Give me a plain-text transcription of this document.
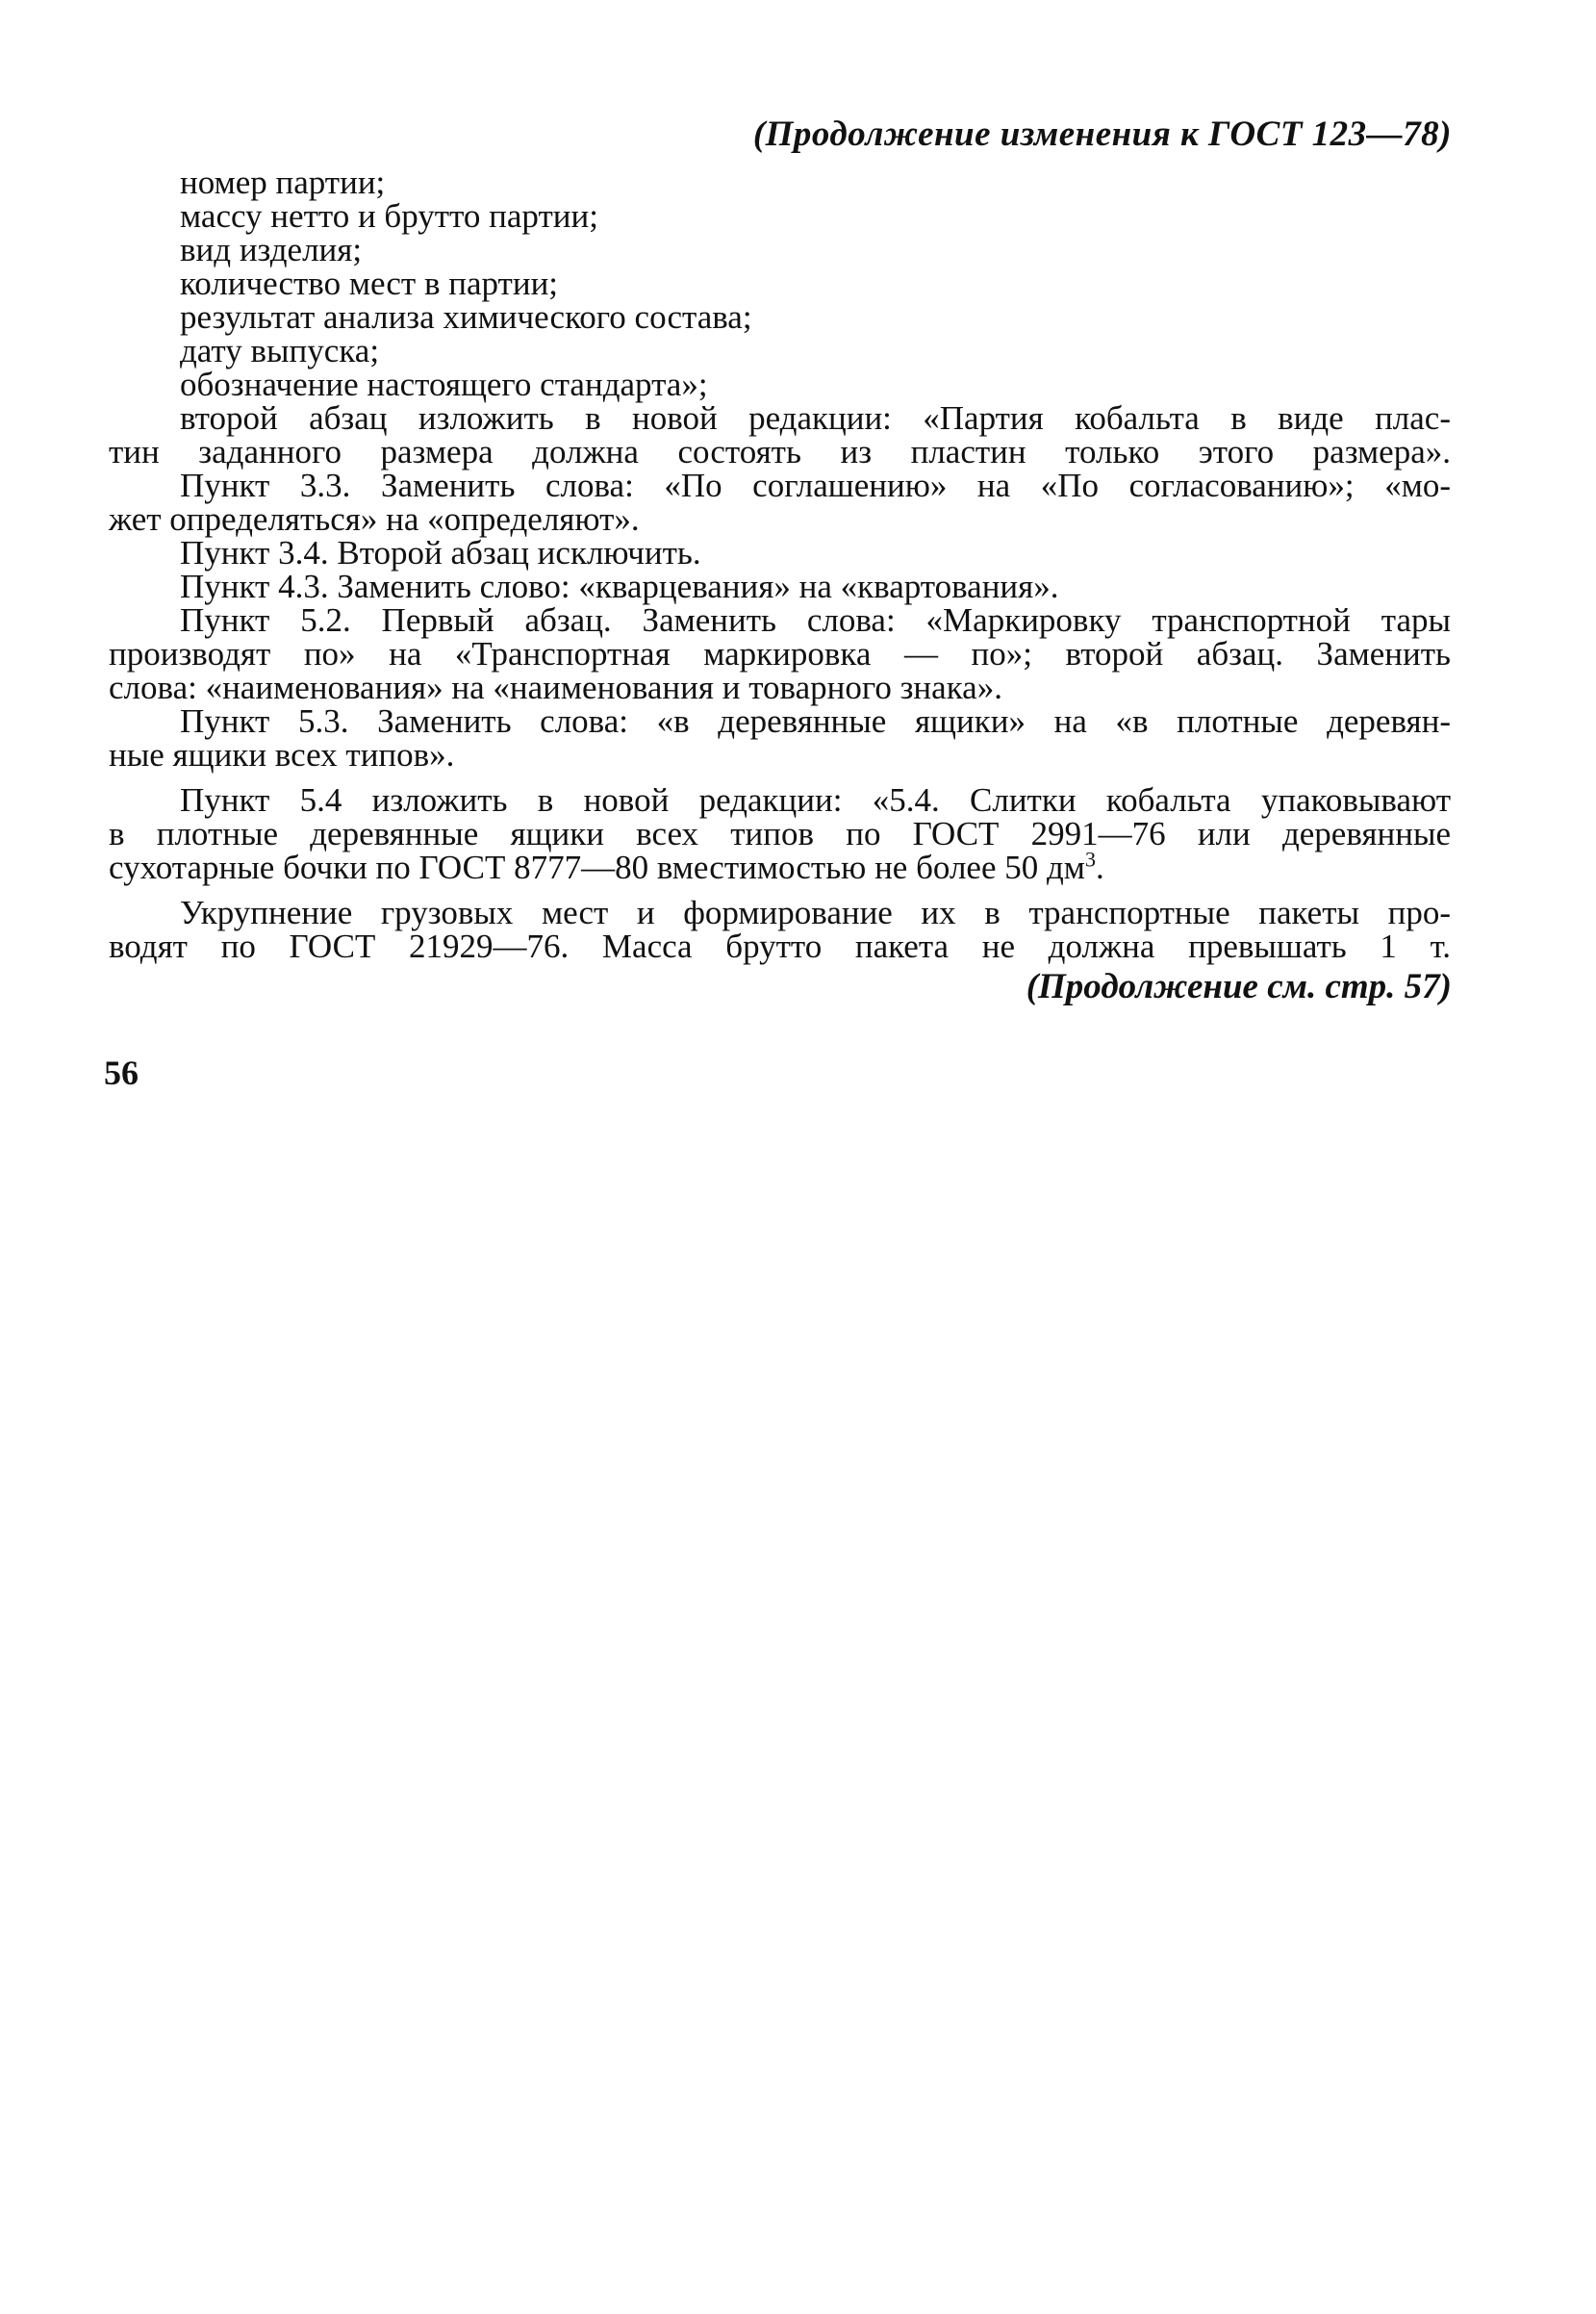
(Продолжение изменения к ГОСТ 123—78)
номер партии;
массу нетто и брутто партии;
вид изделия;
количество мест в партии;
результат анализа химического состава;
дату выпуска;
обозначение настоящего стандарта»;
второй абзац изложить в новой редакции: «Партия кобальта в виде плас-
тин заданного размера должна состоять из пластин только этого размера».
Пункт 3.3. Заменить слова: «По соглашению» на «По согласованию»; «мо-
жет определяться» на «определяют».
Пункт 3.4. Второй абзац исключить.
Пункт 4.3. Заменить слово: «кварцевания» на «квартования».
Пункт 5.2. Первый абзац. Заменить слова: «Маркировку транспортной тары
производят по» на «Транспортная маркировка — по»; второй абзац. Заменить
слова: «наименования» на «наименования и товарного знака».
Пункт 5.3. Заменить слова: «в деревянные ящики» на «в плотные деревян-
ные ящики всех типов».
Пункт 5.4 изложить в новой редакции: «5.4. Слитки кобальта упаковывают
в плотные деревянные ящики всех типов по ГОСТ 2991—76 или деревянные
сухотарные бочки по ГОСТ 8777—80 вместимостью не более 50 $дм^3$.
Укрупнение грузовых мест и формирование их в транспортные пакеты про-
водят по ГОСТ 21929—76. Масса брутто пакета не должна превышать 1 т.
(Продолжение см. стр. 57)
56
